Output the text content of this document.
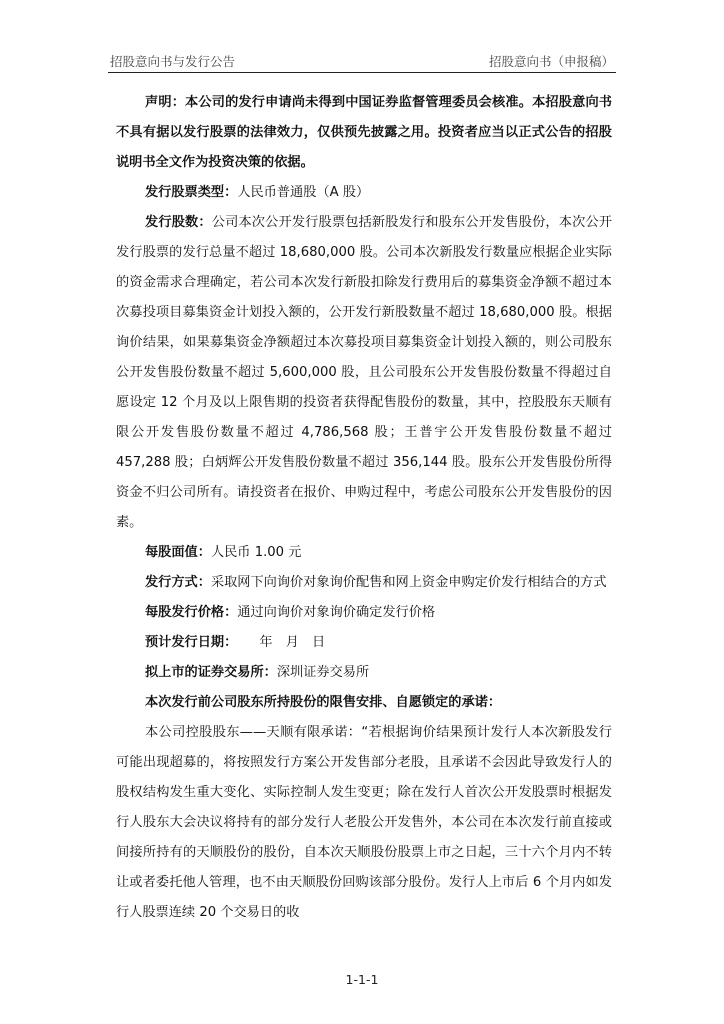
招股意向书与发行公告	招股意向书（申报稿）

声明：本公司的发行申请尚未得到中国证券监督管理委员会核准。本招股意向书不具有据以发行股票的法律效力，仅供预先披露之用。投资者应当以正式公告的招股说明书全文作为投资决策的依据。

发行股票类型：人民币普通股（A 股）

发行股数：公司本次公开发行股票包括新股发行和股东公开发售股份，本次公开发行股票的发行总量不超过 18,680,000 股。公司本次新股发行数量应根据企业实际的资金需求合理确定，若公司本次发行新股扣除发行费用后的募集资金净额不超过本次募投项目募集资金计划投入额的，公开发行新股数量不超过 18,680,000 股。根据询价结果，如果募集资金净额超过本次募投项目募集资金计划投入额的，则公司股东公开发售股份数量不超过 5,600,000 股，且公司股东公开发售股份数量不得超过自愿设定 12 个月及以上限售期的投资者获得配售股份的数量，其中，控股股东天顺有限公开发售股份数量不超过 4,786,568 股；王普宇公开发售股份数量不超过 457,288 股；白炳辉公开发售股份数量不超过 356,144 股。股东公开发售股份所得资金不归公司所有。请投资者在报价、申购过程中，考虑公司股东公开发售股份的因素。

每股面值：人民币 1.00 元

发行方式：采取网下向询价对象询价配售和网上资金申购定价发行相结合的方式

每股发行价格：通过向询价对象询价确定发行价格

预计发行日期： 年　月　日

拟上市的证券交易所：深圳证券交易所

本次发行前公司股东所持股份的限售安排、自愿锁定的承诺：

本公司控股股东——天顺有限承诺：“若根据询价结果预计发行人本次新股发行可能出现超募的，将按照发行方案公开发售部分老股，且承诺不会因此导致发行人的股权结构发生重大变化、实际控制人发生变更；除在发行人首次公开发股票时根据发行人股东大会决议将持有的部分发行人老股公开发售外，本公司在本次发行前直接或间接所持有的天顺股份的股份，自本次天顺股份股票上市之日起，三十六个月内不转让或者委托他人管理，也不由天顺股份回购该部分股份。发行人上市后 6 个月内如发行人股票连续 20 个交易日的收

1-1-1
